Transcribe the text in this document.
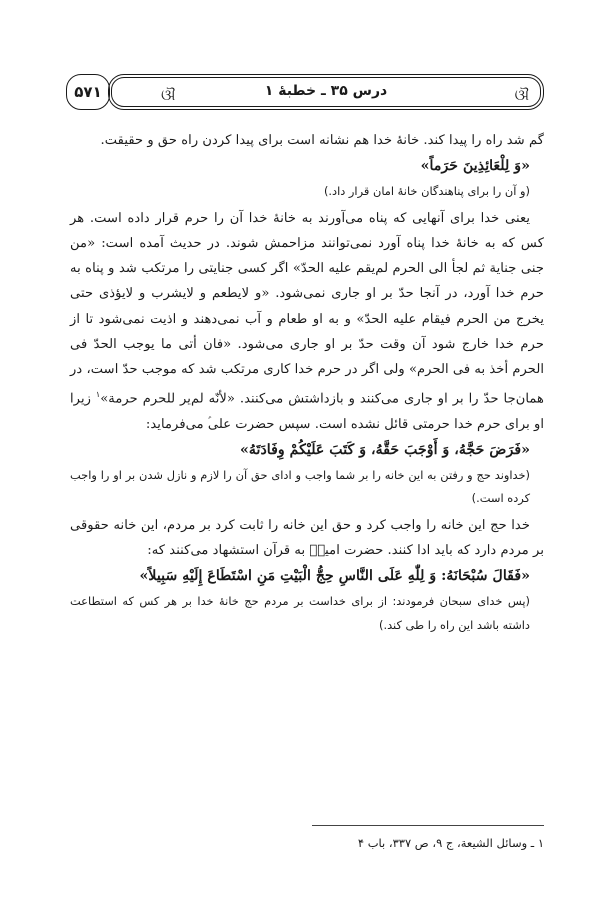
۵۷۱	ଔ	درس ۳۵ ـ خطبهٔ ۱	ଔ

گم شد راه را پیدا کند. خانهٔ خدا هم نشانه است برای پیدا کردن راه حق و حقیقت.

«وَ لِلْعَائِذِینَ حَرَماً»

(و آن را برای پناهندگان خانهٔ امان قرار داد.)

یعنی خدا برای آنهایی که پناه می‌آورند به خانهٔ خدا آن را حرم قرار داده است. هر کس که به خانهٔ خدا پناه آورد نمی‌توانند مزاحمش شوند. در حدیث آمده است: «من جنی جنایة ثم لجأ الی الحرم لم‌یقم علیه الحدّ» اگر کسی جنایتی را مرتکب شد و پناه به حرم خدا آورد، در آنجا حدّ بر او جاری نمی‌شود. «و لایطعم و لایشرب و لایؤذی حتی یخرج من الحرم فیقام علیه الحدّ» و به او طعام و آب نمی‌دهند و اذیت نمی‌شود تا از حرم خدا خارج شود آن وقت حدّ بر او جاری می‌شود. «فان أتی ما یوجب الحدّ فی الحرم أخذ به فی الحرم» ولی اگر در حرم خدا کاری مرتکب شد که موجب حدّ است، در همان‌جا حدّ را بر او جاری می‌کنند و بازداشتش می‌کنند. «لأنّه لم‌یر للحرم حرمة»$^۱$ زیرا او برای حرم خدا حرمتی قائل نشده است. سپس حضرت علی‌ؑ می‌فرماید:

«فَرَضَ حَجَّهُ، وَ أَوْجَبَ حَقَّهُ، وَ کَتَبَ عَلَیْکُمْ وِفَادَتَهُ»

(خداوند حج و رفتن به این خانه را بر شما واجب و ادای حق آن را لازم و نازل شدن بر او را واجب کرده است.)

خدا حج این خانه را واجب کرد و حق این خانه را ثابت کرد بر مردم، این خانه حقوقی بر مردم دارد که باید ادا کنند. حضرت امیرؑ به قرآن استشهاد می‌کنند که:

«فَقَالَ سُبْحَانَهُ: وَ لِلّٰهِ عَلَی النَّاسِ حِجُّ الْبَیْتِ مَنِ اسْتَطَاعَ إِلَیْهِ سَبِیلاً»

(پس خدای سبحان فرمودند: از برای خداست بر مردم حج خانهٔ خدا بر هر کس که استطاعت داشته باشد این راه را طی کند.)

۱ ـ وسائل الشیعة، ج ۹، ص ۳۳۷، باب ۴
